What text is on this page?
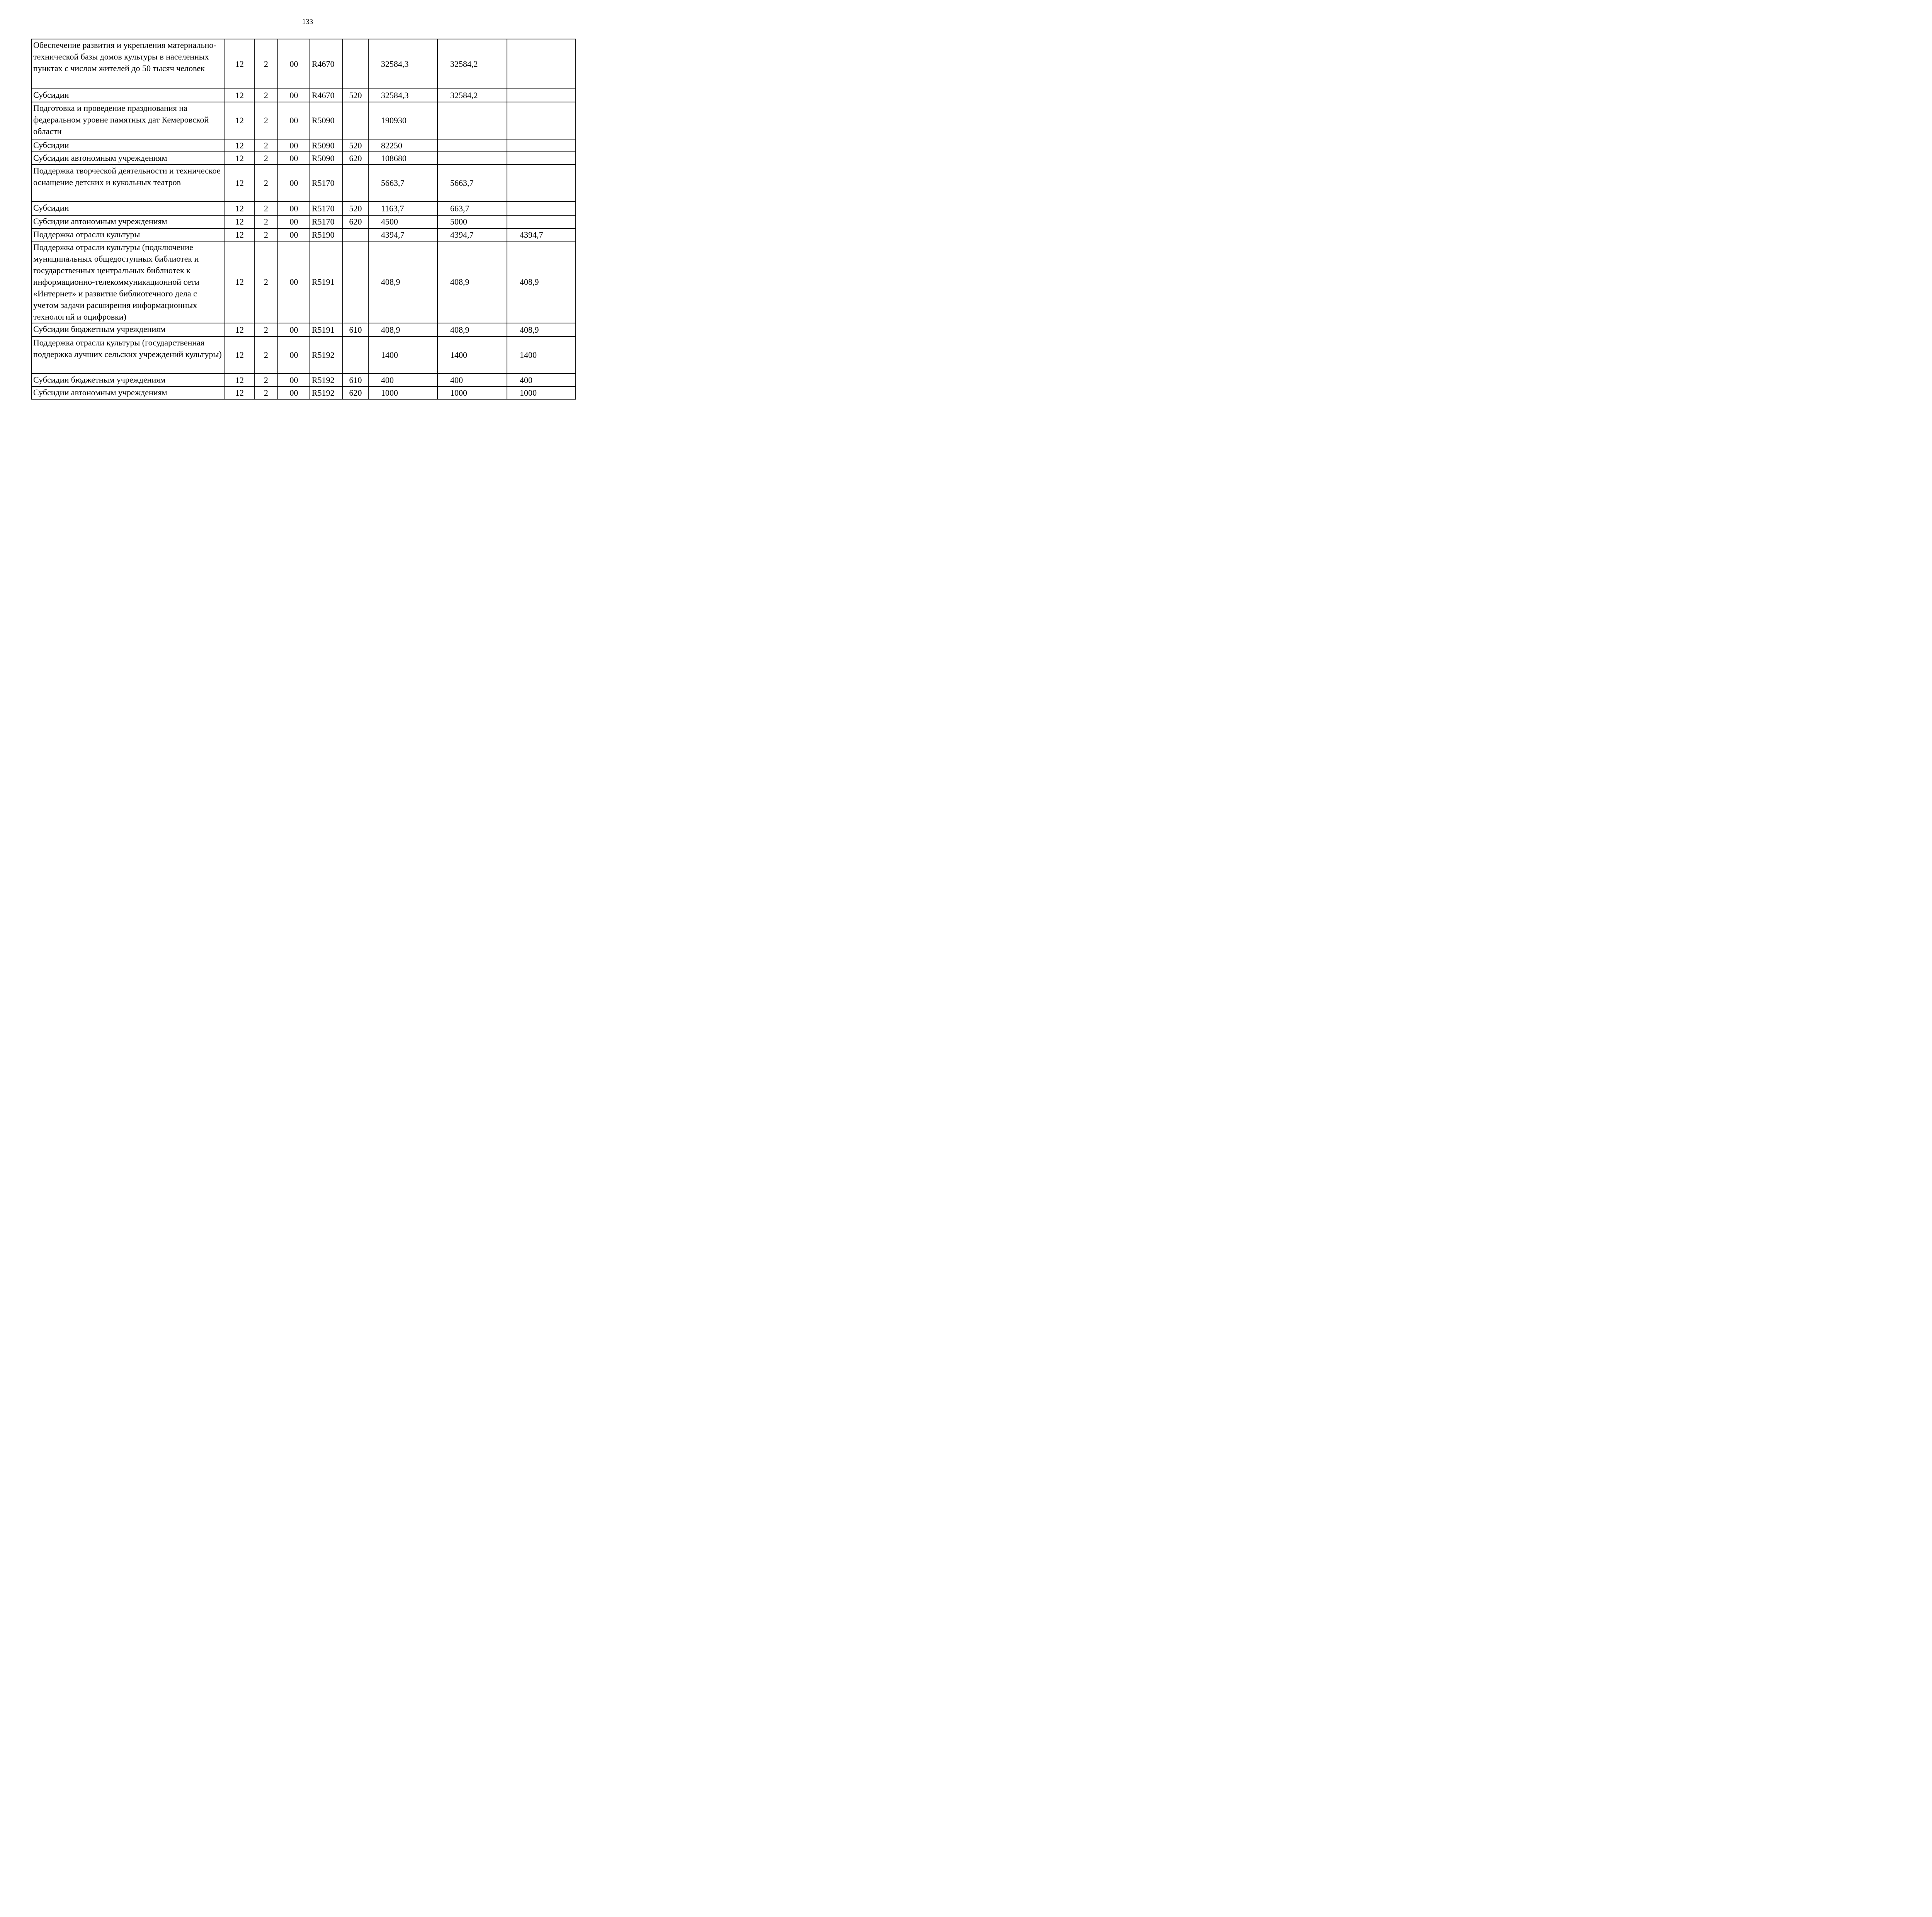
133
Обеспечение развития и укрепления материально-технической базы домов культуры в населенных пунктах с числом жителей до 50 тысяч человек	12	2	00	R4670		32584,3	32584,2	
Субсидии	12	2	00	R4670	520	32584,3	32584,2	
Подготовка и проведение празднования на федеральном уровне памятных дат Кемеровской области	12	2	00	R5090		190930		
Субсидии	12	2	00	R5090	520	82250		
Субсидии автономным учреждениям	12	2	00	R5090	620	108680		
Поддержка творческой деятельности и техническое оснащение детских и кукольных театров	12	2	00	R5170		5663,7	5663,7	
Субсидии	12	2	00	R5170	520	1163,7	663,7	
Субсидии автономным учреждениям	12	2	00	R5170	620	4500	5000	
Поддержка отрасли культуры	12	2	00	R5190		4394,7	4394,7	4394,7
Поддержка отрасли культуры (подключение муниципальных общедоступных библиотек и государственных центральных библиотек к информационно-телекоммуникационной сети «Интернет» и развитие библиотечного дела с учетом задачи расширения информационных технологий и оцифровки)	12	2	00	R5191		408,9	408,9	408,9
Субсидии бюджетным учреждениям	12	2	00	R5191	610	408,9	408,9	408,9
Поддержка отрасли культуры (государственная поддержка лучших сельских учреждений культуры)	12	2	00	R5192		1400	1400	1400
Субсидии бюджетным учреждениям	12	2	00	R5192	610	400	400	400
Субсидии автономным учреждениям	12	2	00	R5192	620	1000	1000	1000
